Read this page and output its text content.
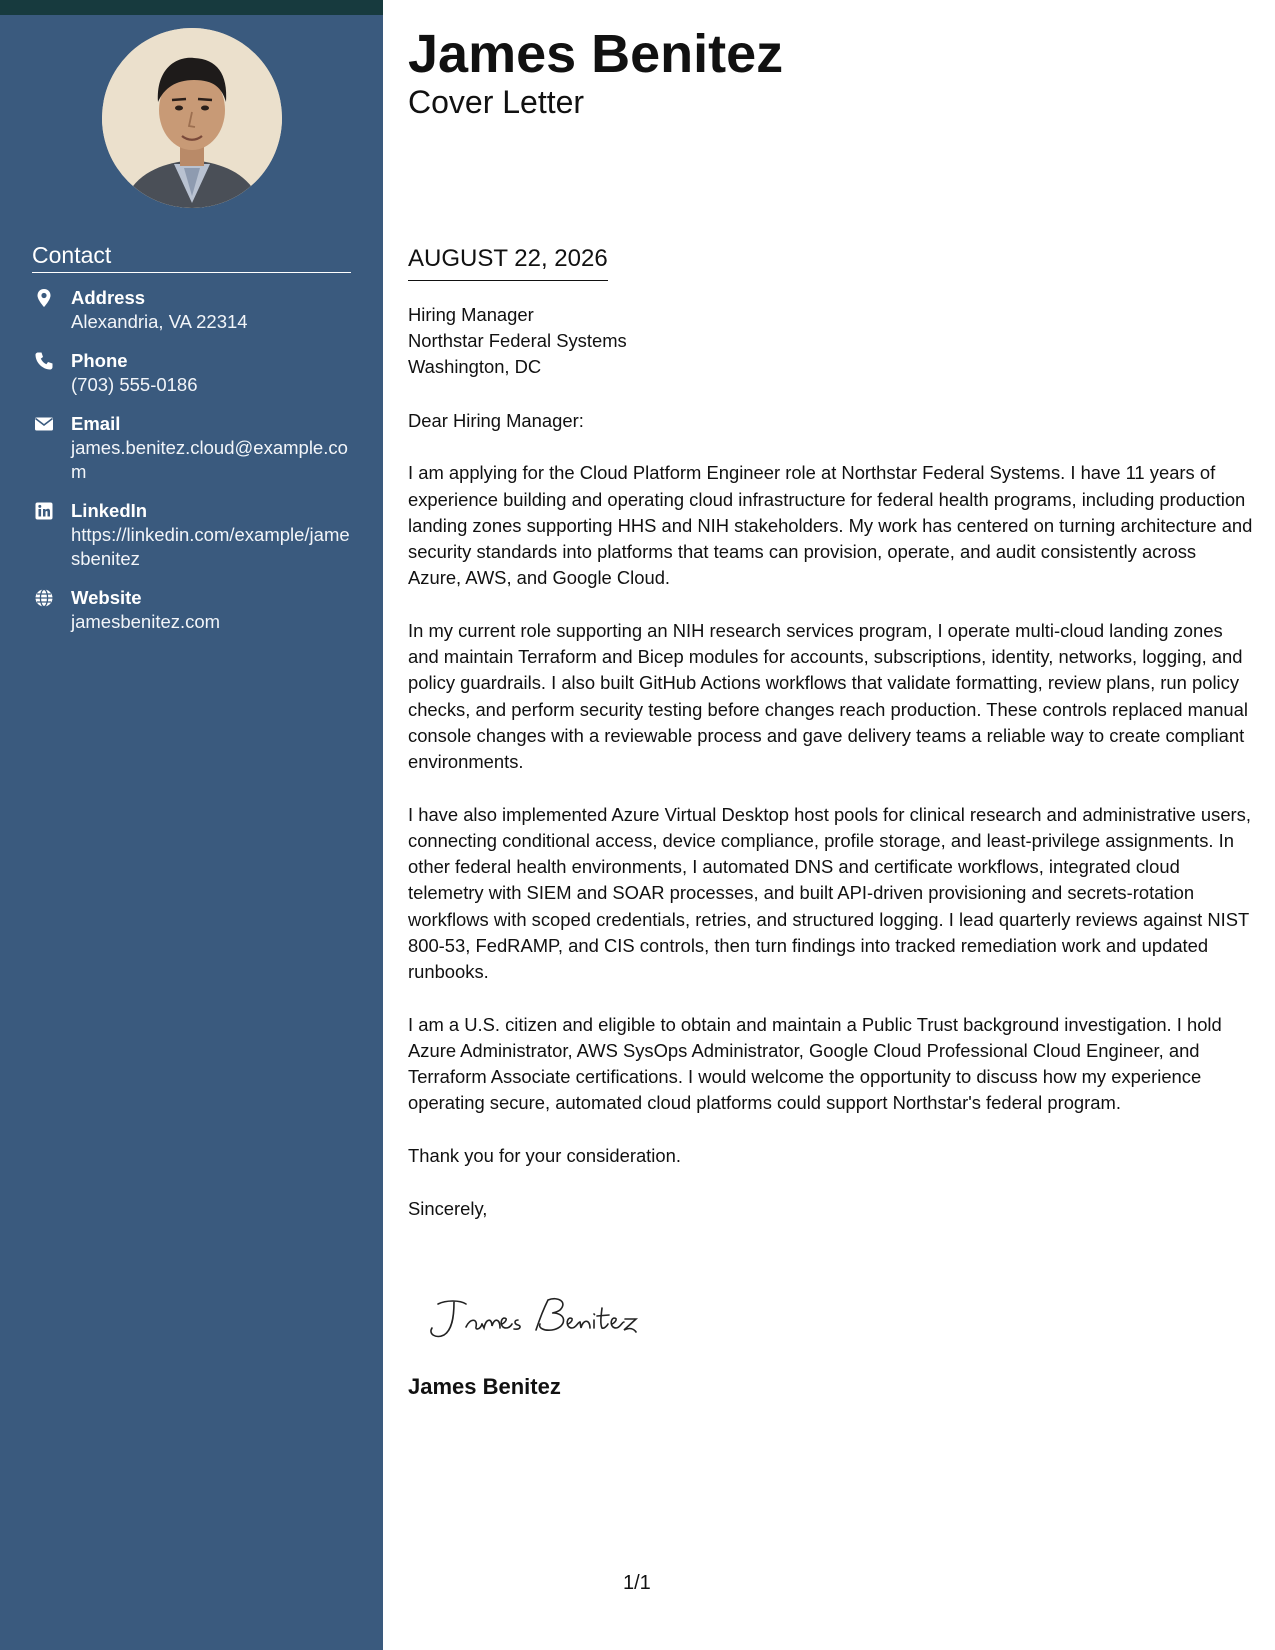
Contact
Address
Alexandria, VA 22314
Phone
(703) 555-0186
Email
james.benitez.cloud@example.com
LinkedIn
https://linkedin.com/example/jamesbenitez
Website
jamesbenitez.com
James Benitez
Cover Letter
AUGUST 22, 2026
Hiring Manager
Northstar Federal Systems
Washington, DC

Dear Hiring Manager:

I am applying for the Cloud Platform Engineer role at Northstar Federal Systems. I have 11 years of experience building and operating cloud infrastructure for federal health programs, including production landing zones supporting HHS and NIH stakeholders. My work has centered on turning architecture and security standards into platforms that teams can provision, operate, and audit consistently across Azure, AWS, and Google Cloud.

In my current role supporting an NIH research services program, I operate multi-cloud landing zones and maintain Terraform and Bicep modules for accounts, subscriptions, identity, networks, logging, and policy guardrails. I also built GitHub Actions workflows that validate formatting, review plans, run policy checks, and perform security testing before changes reach production. These controls replaced manual console changes with a reviewable process and gave delivery teams a reliable way to create compliant environments.

I have also implemented Azure Virtual Desktop host pools for clinical research and administrative users, connecting conditional access, device compliance, profile storage, and least-privilege assignments. In other federal health environments, I automated DNS and certificate workflows, integrated cloud telemetry with SIEM and SOAR processes, and built API-driven provisioning and secrets-rotation workflows with scoped credentials, retries, and structured logging. I lead quarterly reviews against NIST 800-53, FedRAMP, and CIS controls, then turn findings into tracked remediation work and updated runbooks.

I am a U.S. citizen and eligible to obtain and maintain a Public Trust background investigation. I hold Azure Administrator, AWS SysOps Administrator, Google Cloud Professional Cloud Engineer, and Terraform Associate certifications. I would welcome the opportunity to discuss how my experience operating secure, automated cloud platforms could support Northstar's federal program.

Thank you for your consideration.

Sincerely,

James Benitez
1/1
